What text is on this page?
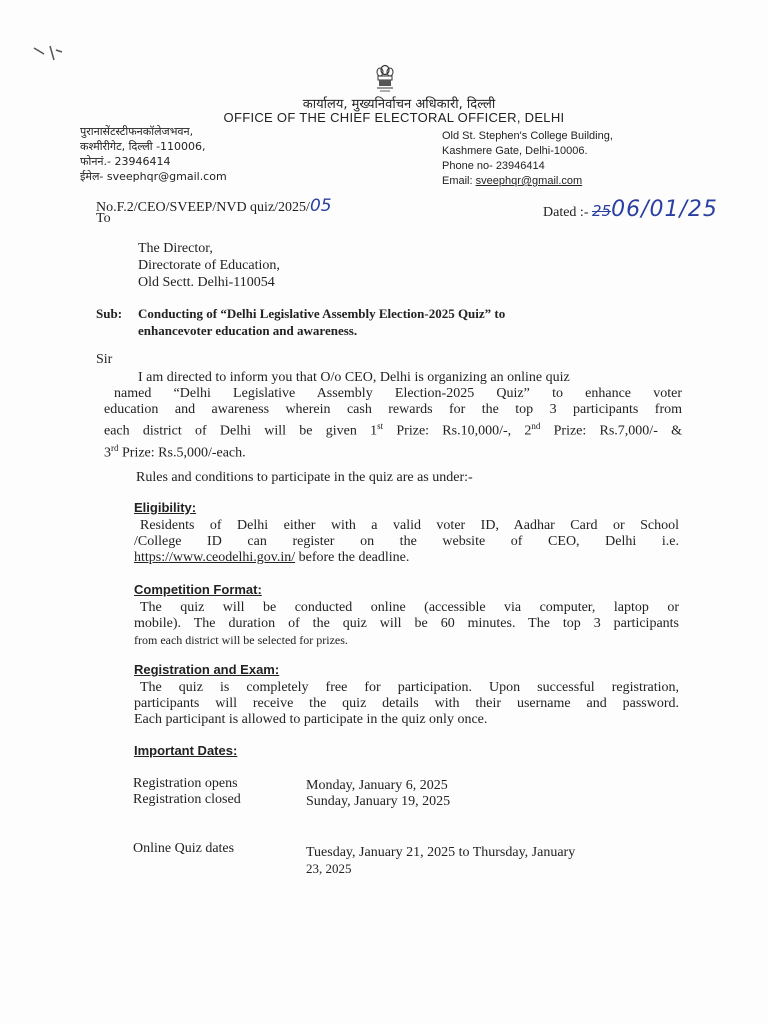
कार्यालय, मुख्यनिर्वाचन अधिकारी, दिल्ली
OFFICE OF THE CHIEF ELECTORAL OFFICER, DELHI
पुरानासेंटस्टीफनकॉलेजभवन,
कश्मीरीगेट, दिल्ली -110006,
फोननं.- 23946414
ईमेल- sveephqr@gmail.com
Old St. Stephen's College Building,
Kashmere Gate, Delhi-10006.
Phone no- 23946414
Email: sveephqr@gmail.com
No.F.2/CEO/SVEEP/NVD quiz/2025/05
To	Dated :- 2506/01/25
The Director,
Directorate of Education,
Old Sectt. Delhi-110054
Sub: Conducting of “Delhi Legislative Assembly Election-2025 Quiz” to
enhancevoter education and awareness.
Sir
I am directed to inform you that O/o CEO, Delhi is organizing an online quiz
named “Delhi Legislative Assembly Election-2025 Quiz” to enhance voter
education and awareness wherein cash rewards for the top 3 participants from
each district of Delhi will be given 1st Prize: Rs.10,000/-, 2nd Prize: Rs.7,000/- &
3rd Prize: Rs.5,000/-each.
Rules and conditions to participate in the quiz are as under:-
Eligibility:
Residents of Delhi either with a valid voter ID, Aadhar Card or School
/College ID can register on the website of CEO, Delhi i.e.
https://www.ceodelhi.gov.in/ before the deadline.
Competition Format:
The quiz will be conducted online (accessible via computer, laptop or
mobile). The duration of the quiz will be 60 minutes. The top 3 participants
from each district will be selected for prizes.
Registration and Exam:
The quiz is completely free for participation. Upon successful registration,
participants will receive the quiz details with their username and password.
Each participant is allowed to participate in the quiz only once.
Important Dates:
Registration opens	Monday, January 6, 2025
Registration closed	Sunday, January 19, 2025
Online Quiz dates	Tuesday, January 21, 2025 to Thursday, January
23, 2025
